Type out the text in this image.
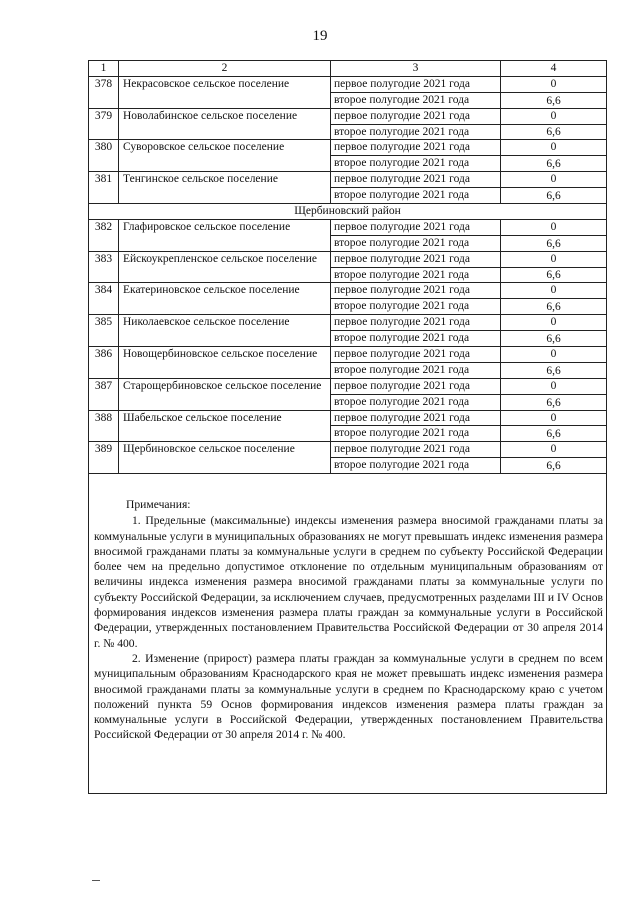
19
1	2	3	4
378	Некрасовское сельское поселение	первое полугодие 2021 года	0
		второе полугодие 2021 года	6,6
379	Новолабинское сельское поселение	первое полугодие 2021 года	0
		второе полугодие 2021 года	6,6
380	Суворовское сельское поселение	первое полугодие 2021 года	0
		второе полугодие 2021 года	6,6
381	Тенгинское сельское поселение	первое полугодие 2021 года	0
		второе полугодие 2021 года	6,6
Щербиновский район			
382	Глафировское сельское поселение	первое полугодие 2021 года	0
		второе полугодие 2021 года	6,6
383	Ейскоукрепленское сельское поселение	первое полугодие 2021 года	0
		второе полугодие 2021 года	6,6
384	Екатериновское сельское поселение	первое полугодие 2021 года	0
		второе полугодие 2021 года	6,6
385	Николаевское сельское поселение	первое полугодие 2021 года	0
		второе полугодие 2021 года	6,6
386	Новощербиновское сельское поселение	первое полугодие 2021 года	0
		второе полугодие 2021 года	6,6
387	Старощербиновское сельское поселение	первое полугодие 2021 года	0
		второе полугодие 2021 года	6,6
388	Шабельское сельское поселение	первое полугодие 2021 года	0
		второе полугодие 2021 года	6,6
389	Щербиновское сельское поселение	первое полугодие 2021 года	0
		второе полугодие 2021 года	6,6

Примечания:

1. Предельные (максимальные) индексы изменения размера вносимой гражданами платы за коммунальные услуги в муниципальных образованиях не могут превышать индекс изменения размера вносимой гражданами платы за коммунальные услуги в среднем по субъекту Российской Федерации более чем на предельно допустимое отклонение по отдельным муниципальным образованиям от величины индекса изменения размера вносимой гражданами платы за коммунальные услуги по субъекту Российской Федерации, за исключением случаев, предусмотренных разделами III и IV Основ формирования индексов изменения размера платы граждан за коммунальные услуги в Российской Федерации, утвержденных постановлением Правительства Российской Федерации от 30 апреля 2014 г. № 400.

2. Изменение (прирост) размера платы граждан за коммунальные услуги в среднем по всем муниципальным образованиям Краснодарского края не может превышать индекс изменения размера вносимой гражданами платы за коммунальные услуги в среднем по Краснодарскому краю с учетом положений пункта 59 Основ формирования индексов изменения размера платы граждан за коммунальные услуги в Российской Федерации, утвержденных постановлением Правительства Российской Федерации от 30 апреля 2014 г. № 400.
